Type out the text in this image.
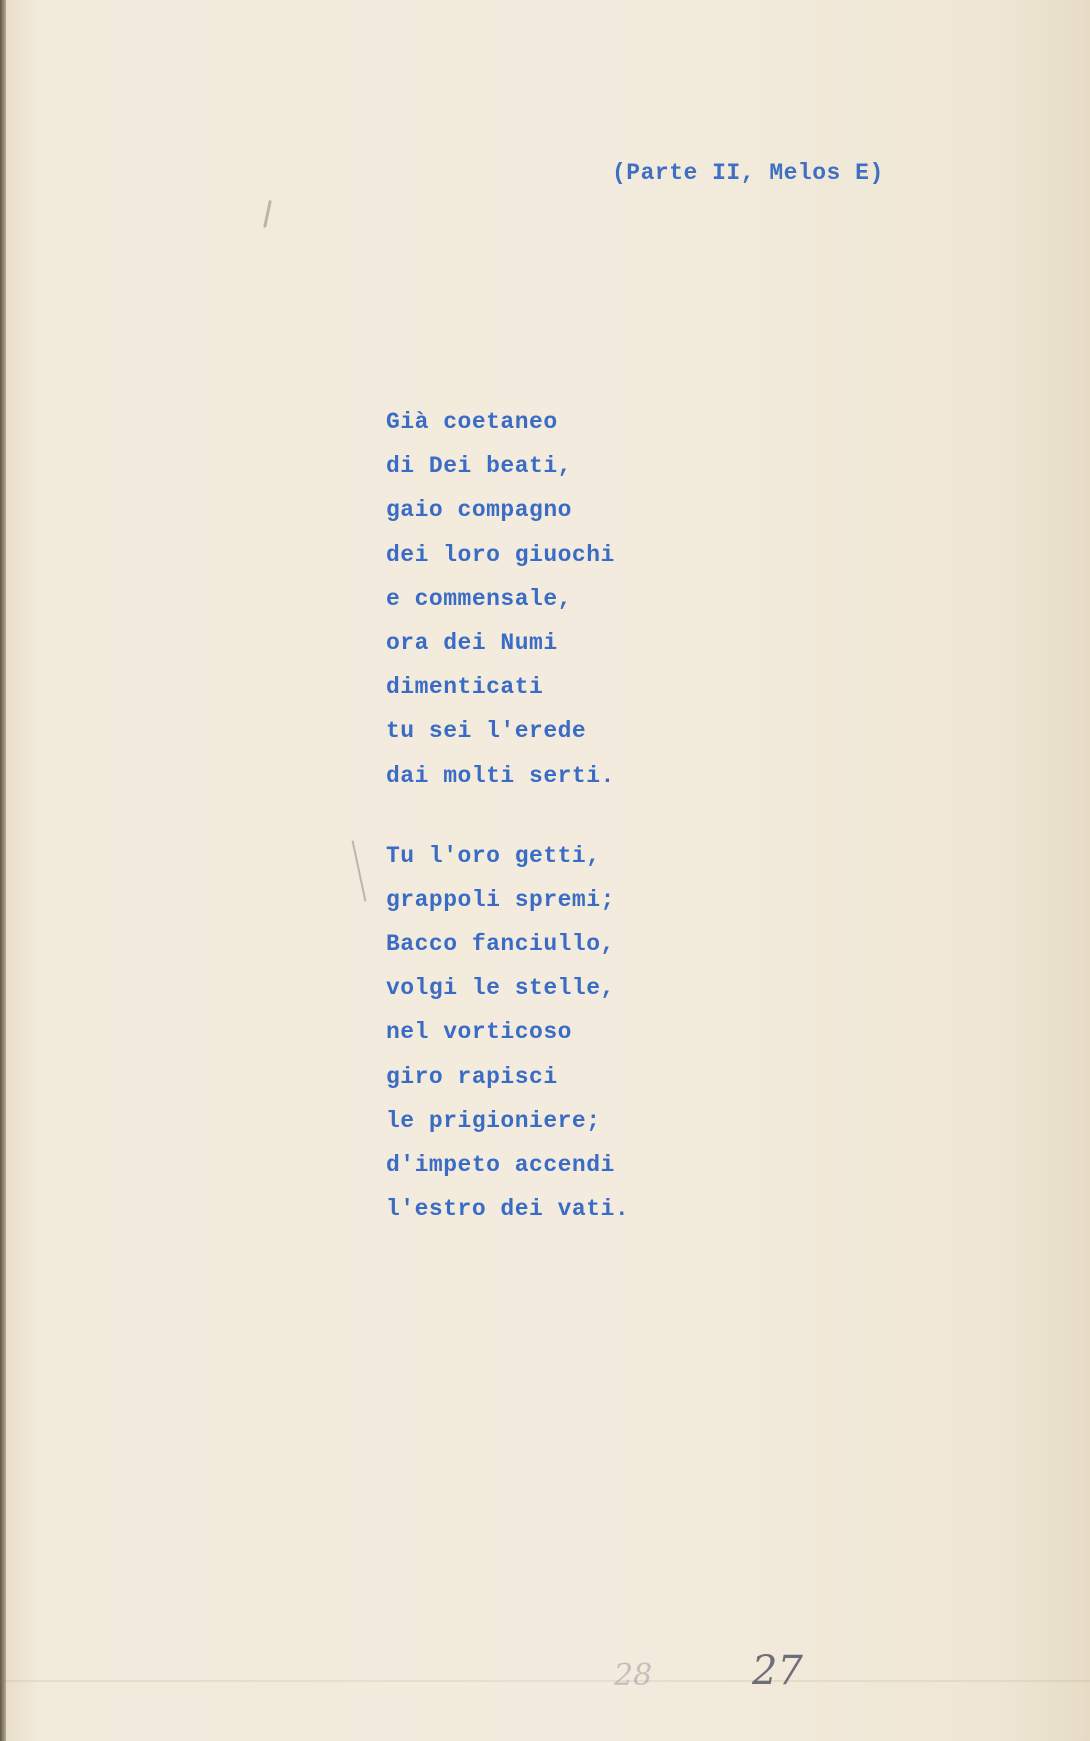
(Parte II, Melos E)
Già coetaneo
di Dei beati,
gaio compagno
dei loro giuochi
e commensale,
ora dei Numi
dimenticati
tu sei l'erede
dai molti serti.
Tu l'oro getti,
grappoli spremi;
Bacco fanciullo,
volgi le stelle,
nel vorticoso
giro rapisci
le prigioniere;
d'impeto accendi
l'estro dei vati.
28 27
